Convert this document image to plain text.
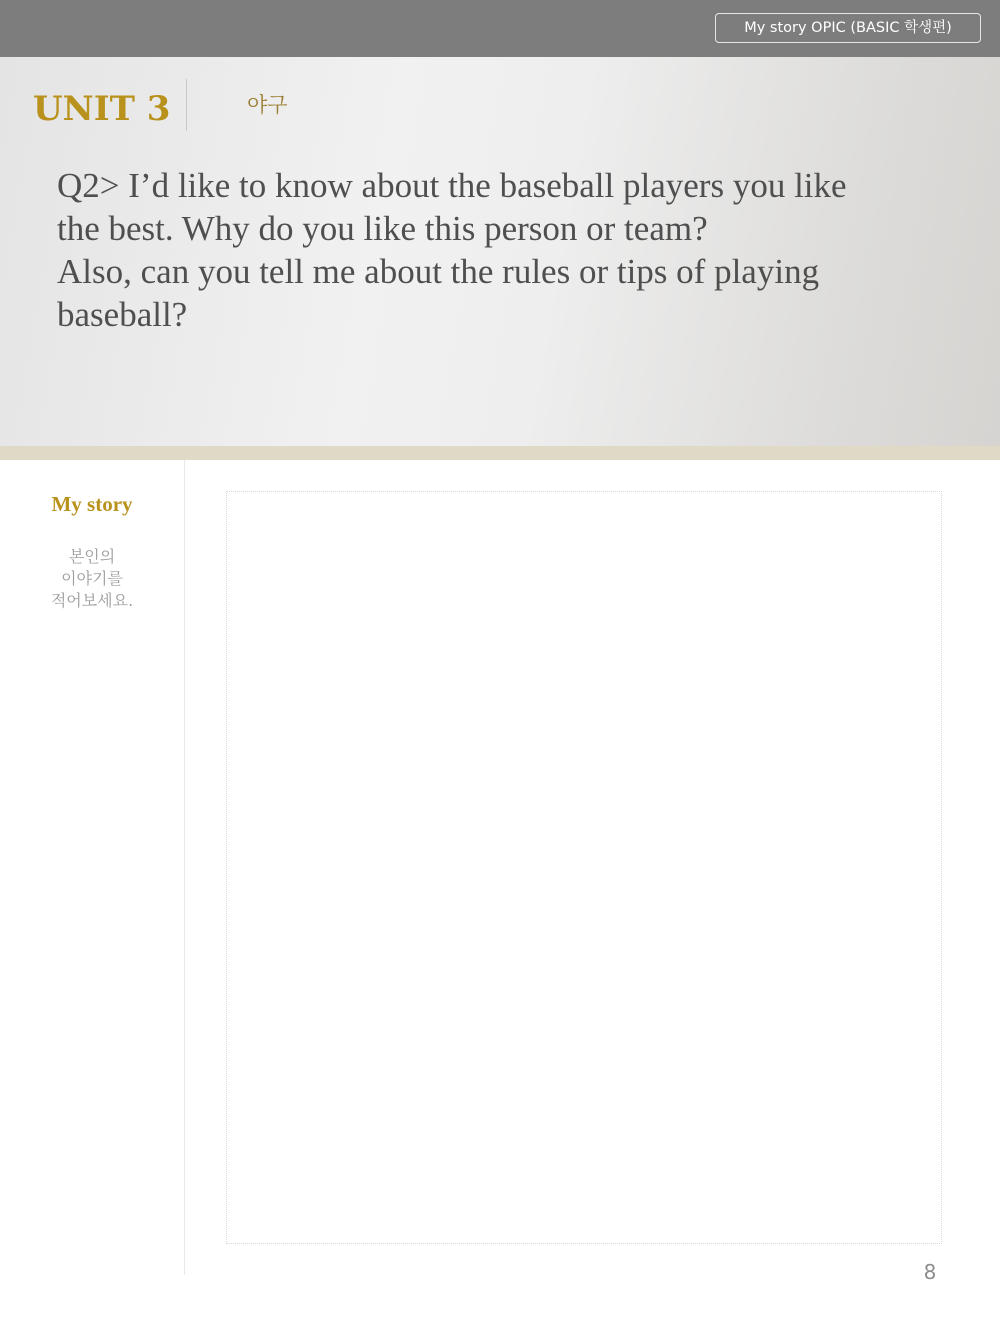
My story OPIC (BASIC 학생편)
UNIT 3	야구

Q2> I’d like to know about the baseball players you like
the best. Why do you like this person or team?
Also, can you tell me about the rules or tips of playing
baseball?

My story
본인의
이야기를
적어보세요.
8
